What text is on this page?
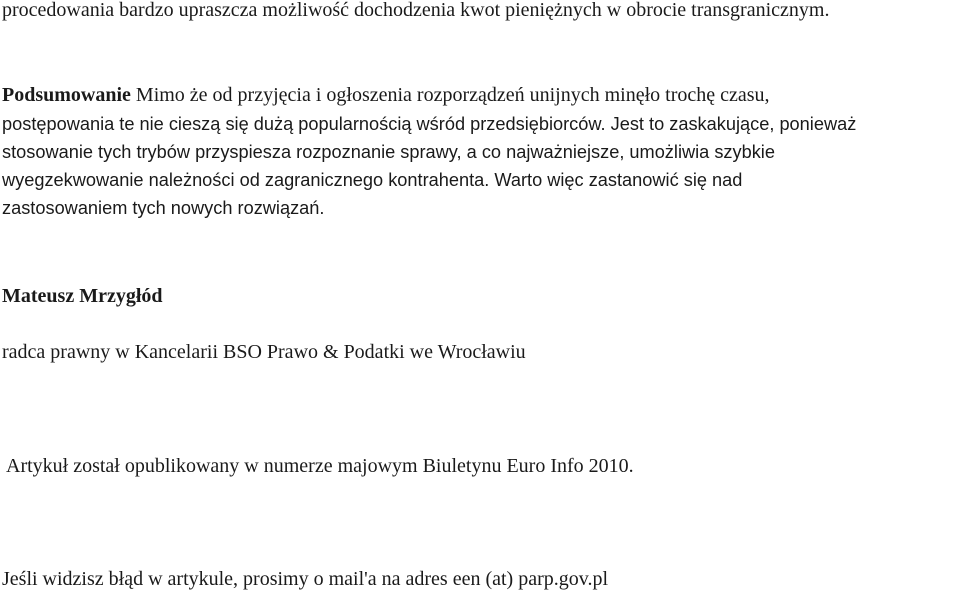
procedowania bardzo upraszcza możliwość dochodzenia kwot pieniężnych w obrocie transgranicznym.

Podsumowanie Mimo że od przyjęcia i ogłoszenia rozporządzeń unijnych minęło trochę czasu,

postępowania te nie cieszą się dużą popularnością wśród przedsiębiorców. Jest to zaskakujące, ponieważ

stosowanie tych trybów przyspiesza rozpoznanie sprawy, a co najważniejsze, umożliwia szybkie

wyegzekwowanie należności od zagranicznego kontrahenta. Warto więc zastanowić się nad

zastosowaniem tych nowych rozwiązań.

Mateusz Mrzygłód

radca prawny w Kancelarii BSO Prawo & Podatki we Wrocławiu

Artykuł został opublikowany w numerze majowym Biuletynu Euro Info 2010.

Jeśli widzisz błąd w artykule, prosimy o mail'a na adres een (at) parp.gov.pl
